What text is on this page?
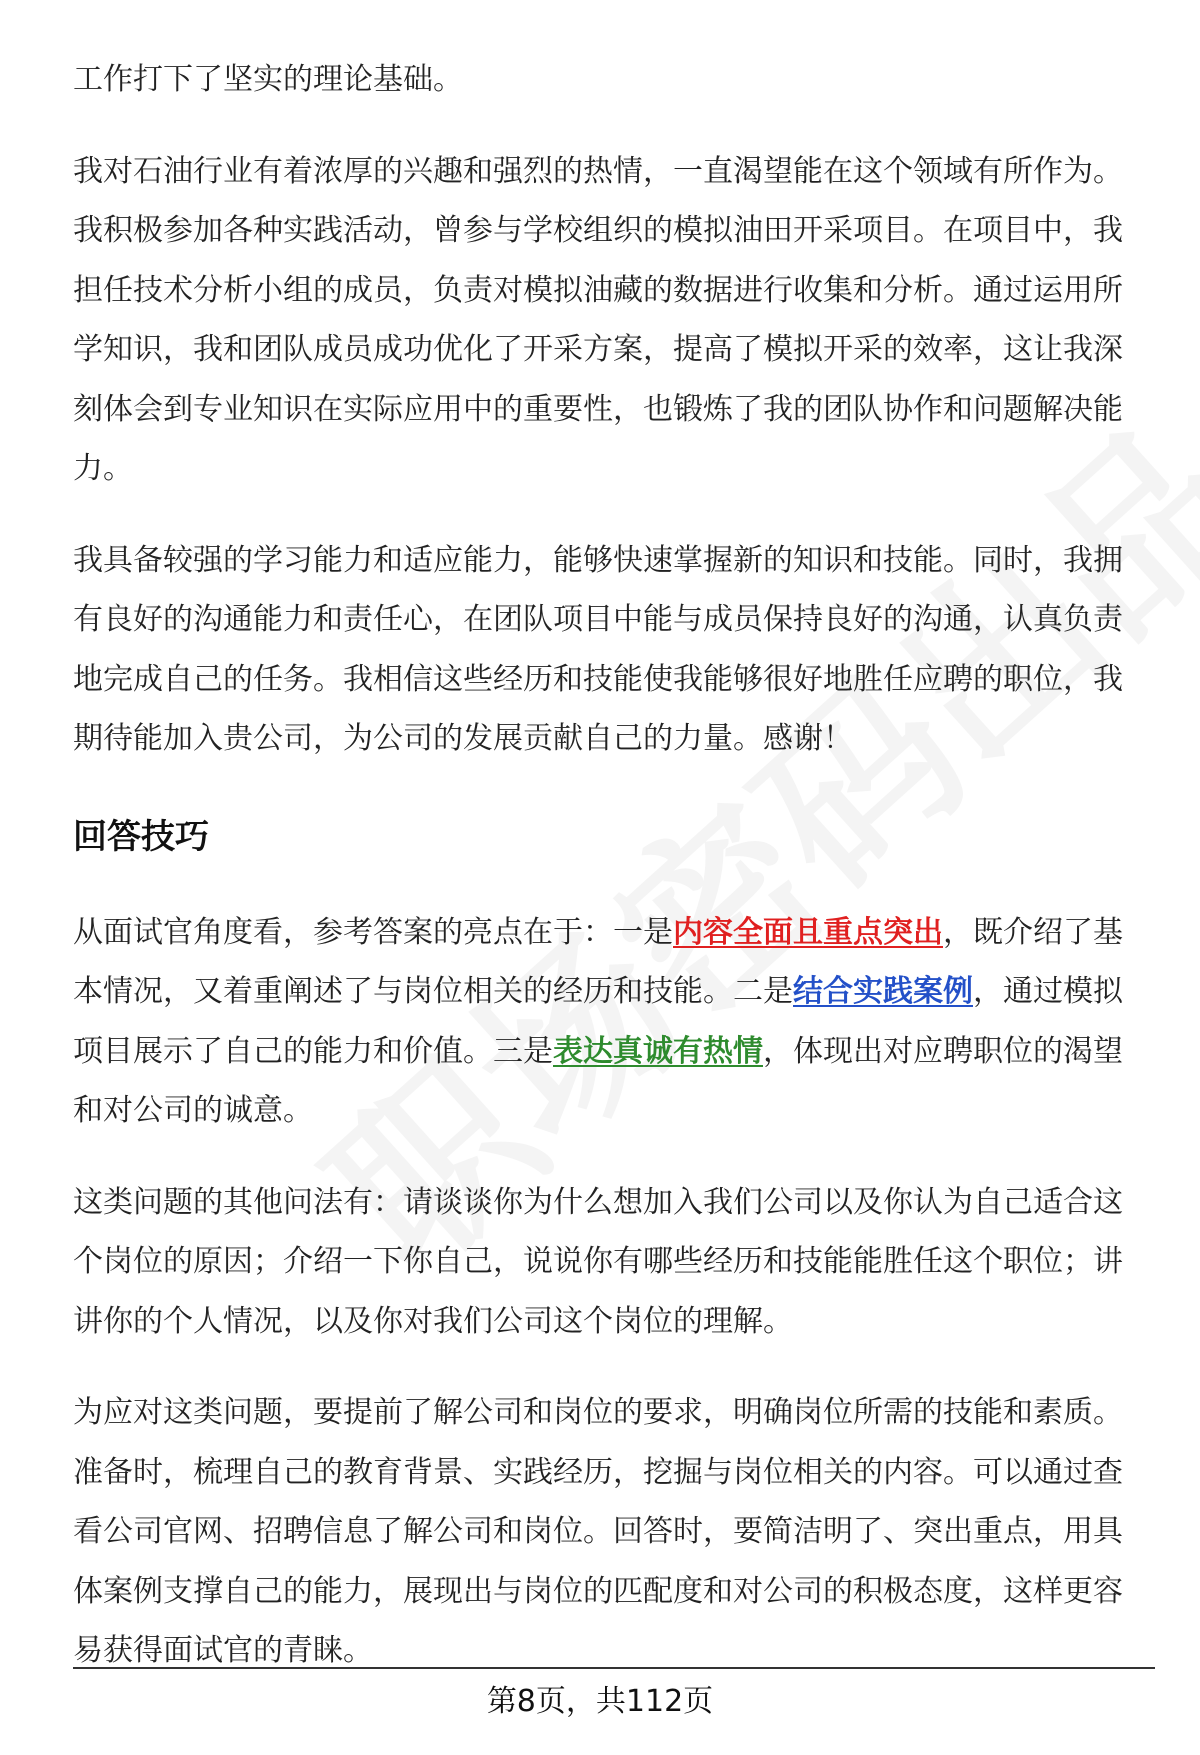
工作打下了坚实的理论基础。

我对石油行业有着浓厚的兴趣和强烈的热情，一直渴望能在这个领域有所作为。我积极参加各种实践活动，曾参与学校组织的模拟油田开采项目。在项目中，我担任技术分析小组的成员，负责对模拟油藏的数据进行收集和分析。通过运用所学知识，我和团队成员成功优化了开采方案，提高了模拟开采的效率，这让我深刻体会到专业知识在实际应用中的重要性，也锻炼了我的团队协作和问题解决能力。

我具备较强的学习能力和适应能力，能够快速掌握新的知识和技能。同时，我拥有良好的沟通能力和责任心，在团队项目中能与成员保持良好的沟通，认真负责地完成自己的任务。我相信这些经历和技能使我能够很好地胜任应聘的职位，我期待能加入贵公司，为公司的发展贡献自己的力量。感谢！

回答技巧

从面试官角度看，参考答案的亮点在于：一是内容全面且重点突出，既介绍了基本情况，又着重阐述了与岗位相关的经历和技能。二是结合实践案例，通过模拟项目展示了自己的能力和价值。三是表达真诚有热情，体现出对应聘职位的渴望和对公司的诚意。

这类问题的其他问法有：请谈谈你为什么想加入我们公司以及你认为自己适合这个岗位的原因；介绍一下你自己，说说你有哪些经历和技能能胜任这个职位；讲讲你的个人情况，以及你对我们公司这个岗位的理解。

为应对这类问题，要提前了解公司和岗位的要求，明确岗位所需的技能和素质。准备时，梳理自己的教育背景、实践经历，挖掘与岗位相关的内容。可以通过查看公司官网、招聘信息了解公司和岗位。回答时，要简洁明了、突出重点，用具体案例支撑自己的能力，展现出与岗位的匹配度和对公司的积极态度，这样更容易获得面试官的青睐。

第8页，共112页
